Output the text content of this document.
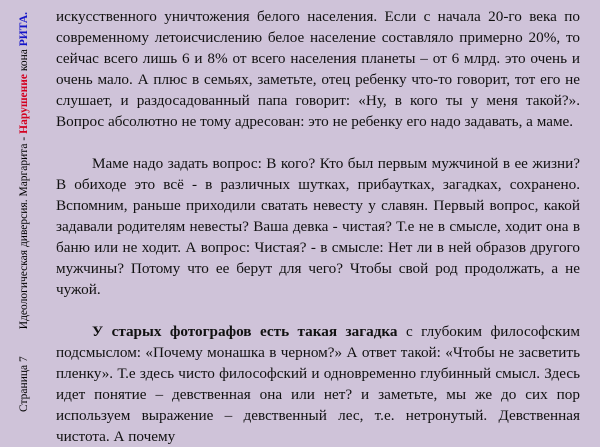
Страница 7
Идеологическая диверсия. Маргарита - Нарушение кона РИТА. искусственного уничтожения белого населения. Если с начала 20-го века по современному летоисчислению белое население составляло примерно 20%, то сейчас всего лишь 6 и 8% от всего населения планеты – от 6 млрд. это очень и очень мало. А плюс в семьях, заметьте, отец ребенку что-то говорит, тот его не слушает, и раздосадованный папа говорит: «Ну, в кого ты у меня такой?». Вопрос абсолютно не тому адресован: это не ребенку его надо задавать, а маме.

Маме надо задать вопрос: В кого? Кто был первым мужчиной в ее жизни? В обиходе это всё - в различных шутках, прибаутках, загадках, сохранено. Вспомним, раньше приходили сватать невесту у славян. Первый вопрос, какой задавали родителям невесты? Ваша девка - чистая? Т.е не в смысле, ходит она в баню или не ходит. А вопрос: Чистая? - в смысле: Нет ли в ней образов другого мужчины? Потому что ее берут для чего? Чтобы свой род продолжать, а не чужой.

У старых фотографов есть такая загадка с глубоким философским подсмыслом: «Почему монашка в черном?» А ответ такой: «Чтобы не засветить пленку». Т.е здесь чисто философский и одновременно глубинный смысл. Здесь идет понятие – девственная она или нет? и заметьте, мы же до сих пор используем выражение – девственный лес, т.е. нетронутый. Девственная чистота. А почему
